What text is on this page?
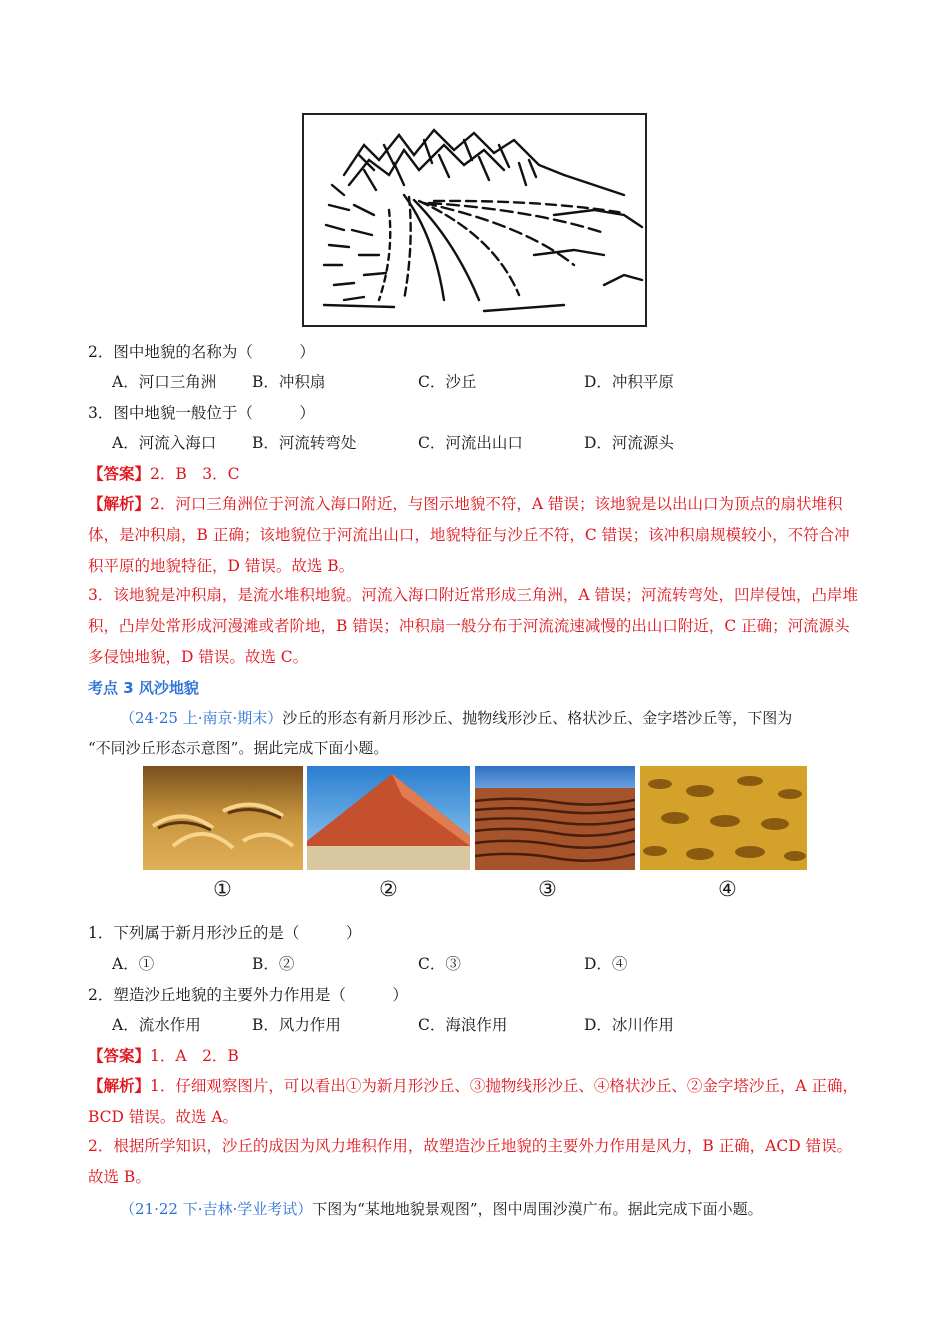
2．图中地貌的名称为（　　　）
A．河口三角洲 B．冲积扇	C．沙丘	D．冲积平原
3．图中地貌一般位于（　　　）
A．河流入海口 B．河流转弯处	C．河流出山口	D．河流源头
【答案】2．B　3．C
【解析】2．河口三角洲位于河流入海口附近，与图示地貌不符，A 错误；该地貌是以出山口为顶点的扇状堆积体，是冲积扇，B 正确；该地貌位于河流出山口，地貌特征与沙丘不符，C 错误；该冲积扇规模较小，不符合冲积平原的地貌特征，D 错误。故选 B。
3．该地貌是冲积扇，是流水堆积地貌。河流入海口附近常形成三角洲，A 错误；河流转弯处，凹岸侵蚀，凸岸堆积，凸岸处常形成河漫滩或者阶地，B 错误；冲积扇一般分布于河流流速减慢的出山口附近，C 正确；河流源头多侵蚀地貌，D 错误。故选 C。
考点 3 风沙地貌
（24·25 上·南京·期末）沙丘的形态有新月形沙丘、抛物线形沙丘、格状沙丘、金字塔沙丘等，下图为
“不同沙丘形态示意图”。据此完成下面小题。
①	②	③	④
1．下列属于新月形沙丘的是（　　　）
A．①	B．②	C．③	D．④
2．塑造沙丘地貌的主要外力作用是（　　　）
A．流水作用	B．风力作用	C．海浪作用	D．冰川作用
【答案】1．A　2．B
【解析】1．仔细观察图片，可以看出①为新月形沙丘、③抛物线形沙丘、④格状沙丘、②金字塔沙丘，A 正确，BCD 错误。故选 A。
2．根据所学知识，沙丘的成因为风力堆积作用，故塑造沙丘地貌的主要外力作用是风力，B 正确，ACD 错误。故选 B。
（21·22 下·吉林·学业考试）下图为“某地地貌景观图”，图中周围沙漠广布。据此完成下面小题。
